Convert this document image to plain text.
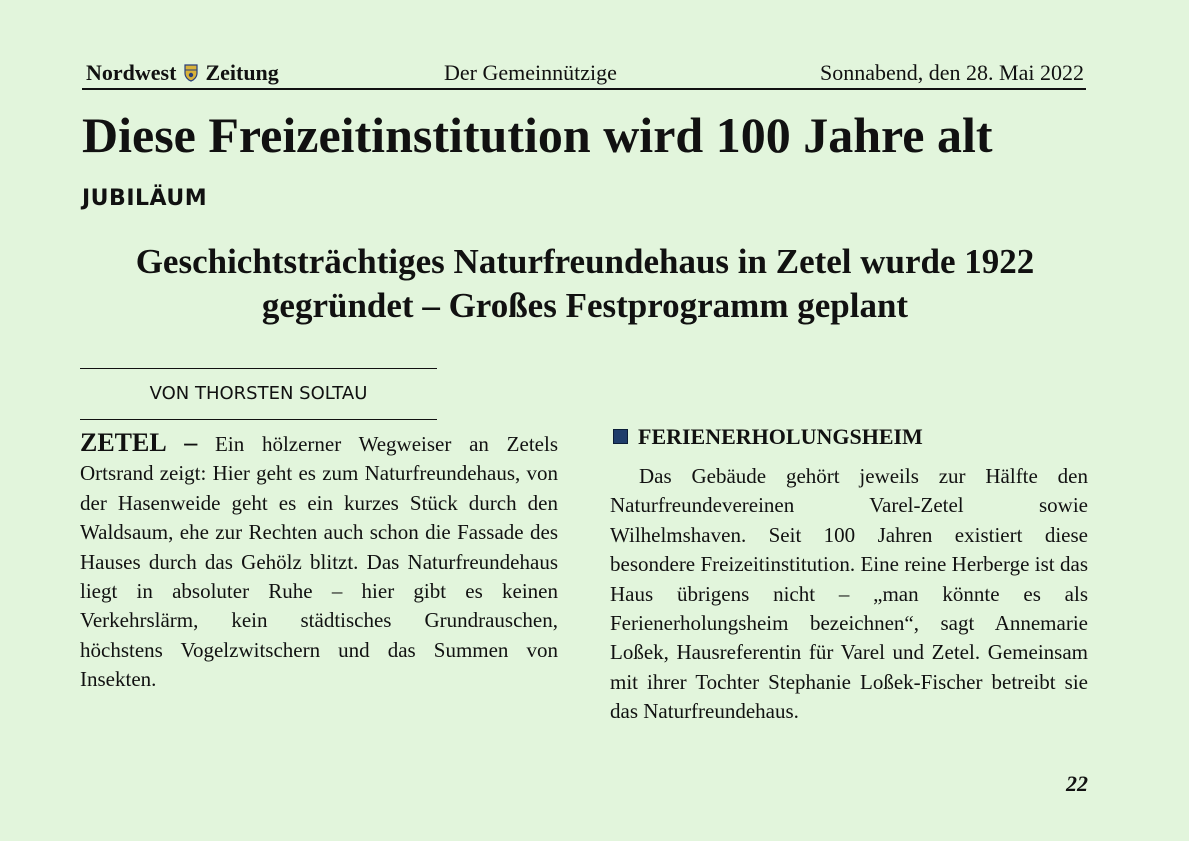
Nordwest Zeitung	Der Gemeinnützige	Sonnabend, den 28. Mai 2022
Diese Freizeitinstitution wird 100 Jahre alt
JUBILÄUM
Geschichtsträchtiges Naturfreundehaus in Zetel wurde 1922 gegründet – Großes Festprogramm geplant
VON THORSTEN SOLTAU
ZETEL – Ein hölzerner Wegweiser an Zetels Ortsrand zeigt: Hier geht es zum Naturfreundehaus, von der Hasenweide geht es ein kurzes Stück durch den Waldsaum, ehe zur Rechten auch schon die Fassade des Hauses durch das Gehölz blitzt. Das Naturfreundehaus liegt in absoluter Ruhe – hier gibt es keinen Verkehrslärm, kein städtisches Grundrauschen, höchstens Vogelzwitschern und das Summen von Insekten.
FERIENERHOLUNGSHEIM
Das Gebäude gehört jeweils zur Hälfte den Naturfreundevereinen Varel-Zetel sowie Wilhelmshaven. Seit 100 Jahren existiert diese besondere Freizeitinstitution. Eine reine Herberge ist das Haus übrigens nicht – „man könnte es als Ferienerholungsheim bezeichnen“, sagt Annemarie Loßek, Hausreferentin für Varel und Zetel. Gemeinsam mit ihrer Tochter Stephanie Loßek-Fischer betreibt sie das Naturfreundehaus.
22
